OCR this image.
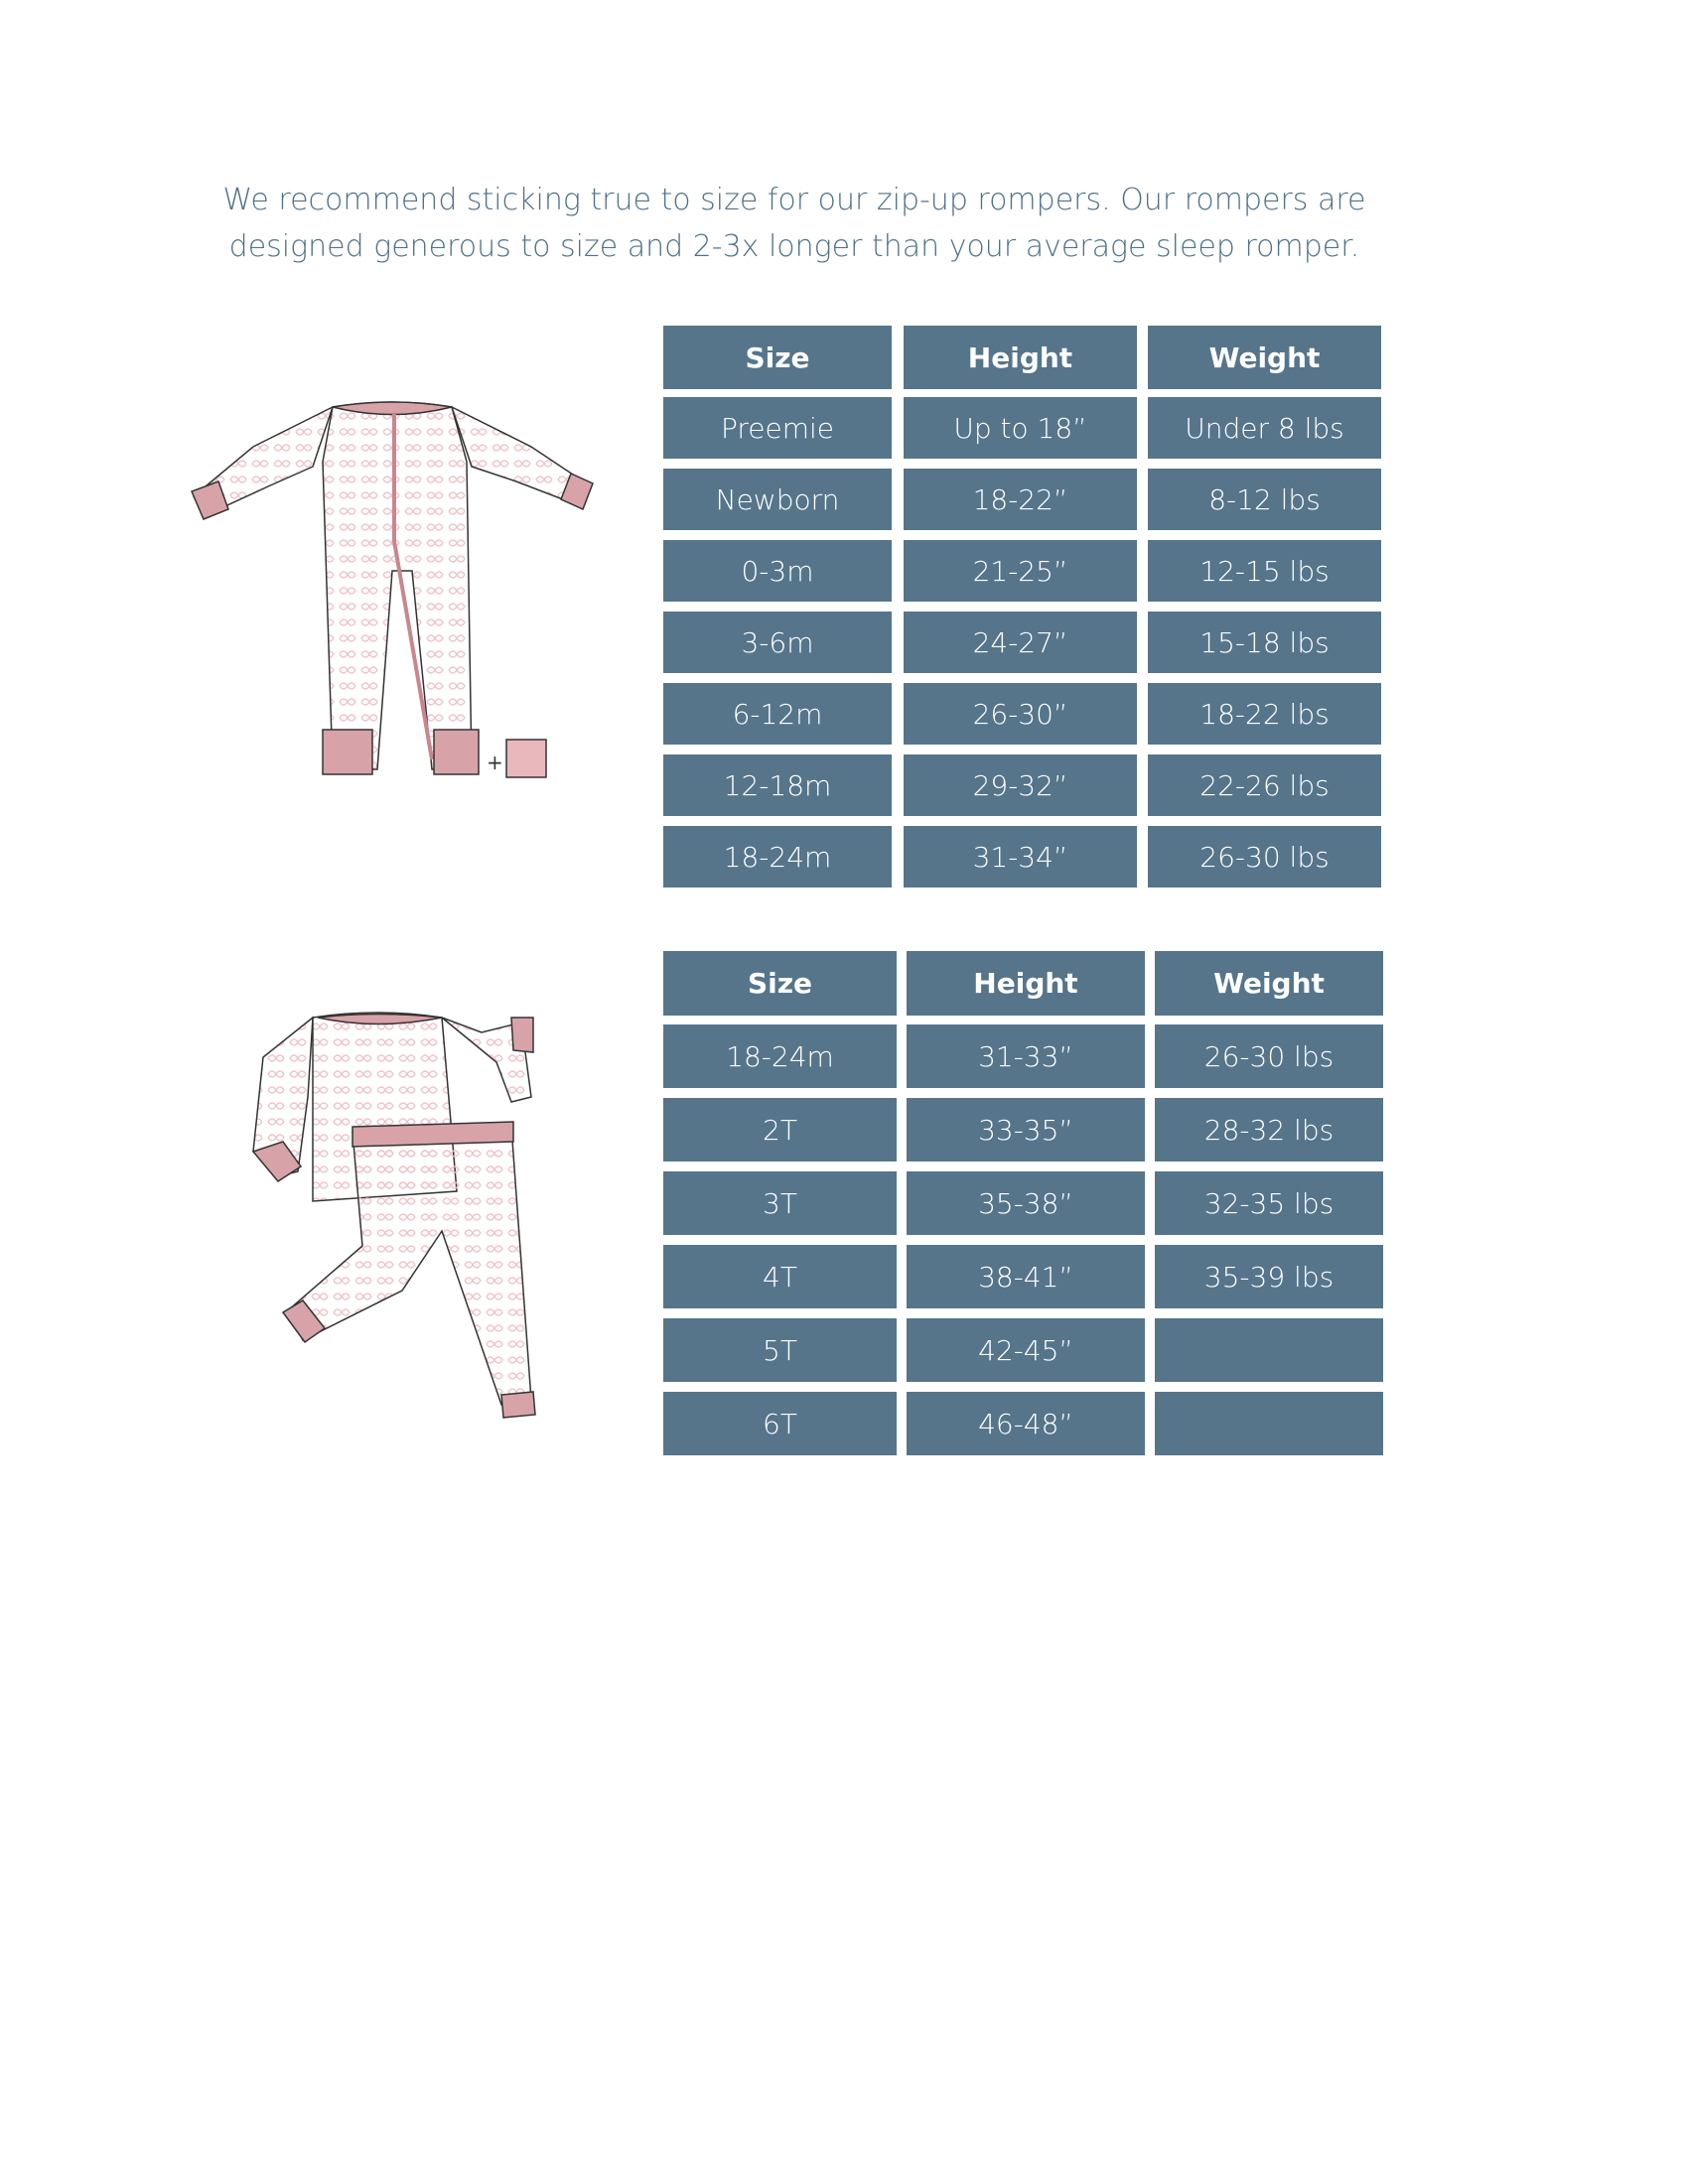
We recommend sticking true to size for our zip-up rompers. Our rompers are
designed generous to size and 2-3x longer than your average sleep romper.
+
Size	Height	Weight
Preemie	Up to 18”	Under 8 lbs
Newborn	18-22”	8-12 lbs
0-3m	21-25”	12-15 lbs
3-6m	24-27”	15-18 lbs
6-12m	26-30”	18-22 lbs
12-18m	29-32”	22-26 lbs
18-24m	31-34”	26-30 lbs
Size	Height	Weight
18-24m	31-33”	26-30 lbs
2T	33-35”	28-32 lbs
3T	35-38”	32-35 lbs
4T	38-41”	35-39 lbs
5T	42-45”
6T	46-48”
